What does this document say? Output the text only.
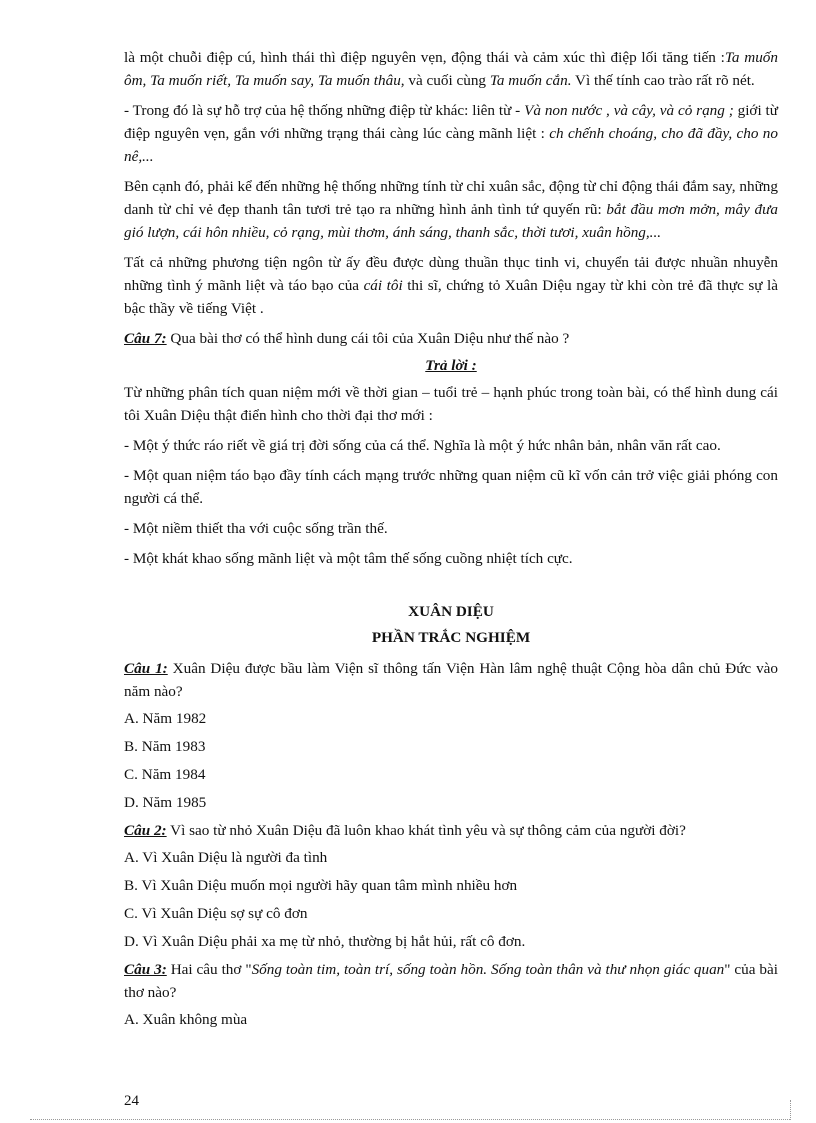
là một chuỗi điệp cú, hình thái thì điệp nguyên vẹn, động thái và cảm xúc thì điệp lối tăng tiến :Ta muốn ôm, Ta muốn riết, Ta muốn say, Ta muốn thâu, và cuối cùng Ta muốn cắn. Vì thế tính cao trào rất rõ nét.

- Trong đó là sự hỗ trợ của hệ thống những điệp từ khác: liên từ - Và non nước , và cây, và cỏ rạng ; giới từ điệp nguyên vẹn, gắn với những trạng thái càng lúc càng mãnh liệt : ch chếnh choáng, cho đã đầy, cho no nê,...

Bên cạnh đó, phải kể đến những hệ thống những tính từ chỉ xuân sắc, động từ chỉ động thái đắm say, những danh từ chỉ vẻ đẹp thanh tân tươi trẻ tạo ra những hình ảnh tình tứ quyến rũ: bắt đầu mơn mởn, mây đưa gió lượn, cái hôn nhiều, cỏ rạng, mùi thơm, ánh sáng, thanh sắc, thời tươi, xuân hồng,...

Tất cả những phương tiện ngôn từ ấy đều được dùng thuần thục tinh vi, chuyển tải được nhuần nhuyễn những tình ý mãnh liệt và táo bạo của cái tôi thi sĩ, chứng tỏ Xuân Diệu ngay từ khi còn trẻ đã thực sự là bậc thầy về tiếng Việt .

Câu 7: Qua bài thơ có thể hình dung cái tôi của Xuân Diệu như thế nào ?

Trả lời :

Từ những phân tích quan niệm mới về thời gian – tuổi trẻ – hạnh phúc trong toàn bài, có thể hình dung cái tôi Xuân Diệu thật điển hình cho thời đại thơ mới :

- Một ý thức ráo riết về giá trị đời sống của cá thể. Nghĩa là một ý hức nhân bản, nhân văn rất cao.

- Một quan niệm táo bạo đầy tính cách mạng trước những quan niệm cũ kĩ vốn cản trở việc giải phóng con người cá thể.

- Một niềm thiết tha với cuộc sống trần thế.

- Một khát khao sống mãnh liệt và một tâm thế sống cuồng nhiệt tích cực.

XUÂN DIỆU

PHẦN TRẮC NGHIỆM

Câu 1: Xuân Diệu được bầu làm Viện sĩ thông tấn Viện Hàn lâm nghệ thuật Cộng hòa dân chủ Đức vào năm nào?

A. Năm 1982

B. Năm 1983

C. Năm 1984

D. Năm 1985

Câu 2: Vì sao từ nhỏ Xuân Diệu đã luôn khao khát tình yêu và sự thông cảm của người đời?

A. Vì Xuân Diệu là người đa tình

B. Vì Xuân Diệu muốn mọi người hãy quan tâm mình nhiều hơn

C. Vì Xuân Diệu sợ sự cô đơn

D. Vì Xuân Diệu phải xa mẹ từ nhỏ, thường bị hắt hủi, rất cô đơn.

Câu 3: Hai câu thơ "Sống toàn tim, toàn trí, sống toàn hồn. Sống toàn thân và thư nhọn giác quan" của bài thơ nào?

A. Xuân không mùa

24
